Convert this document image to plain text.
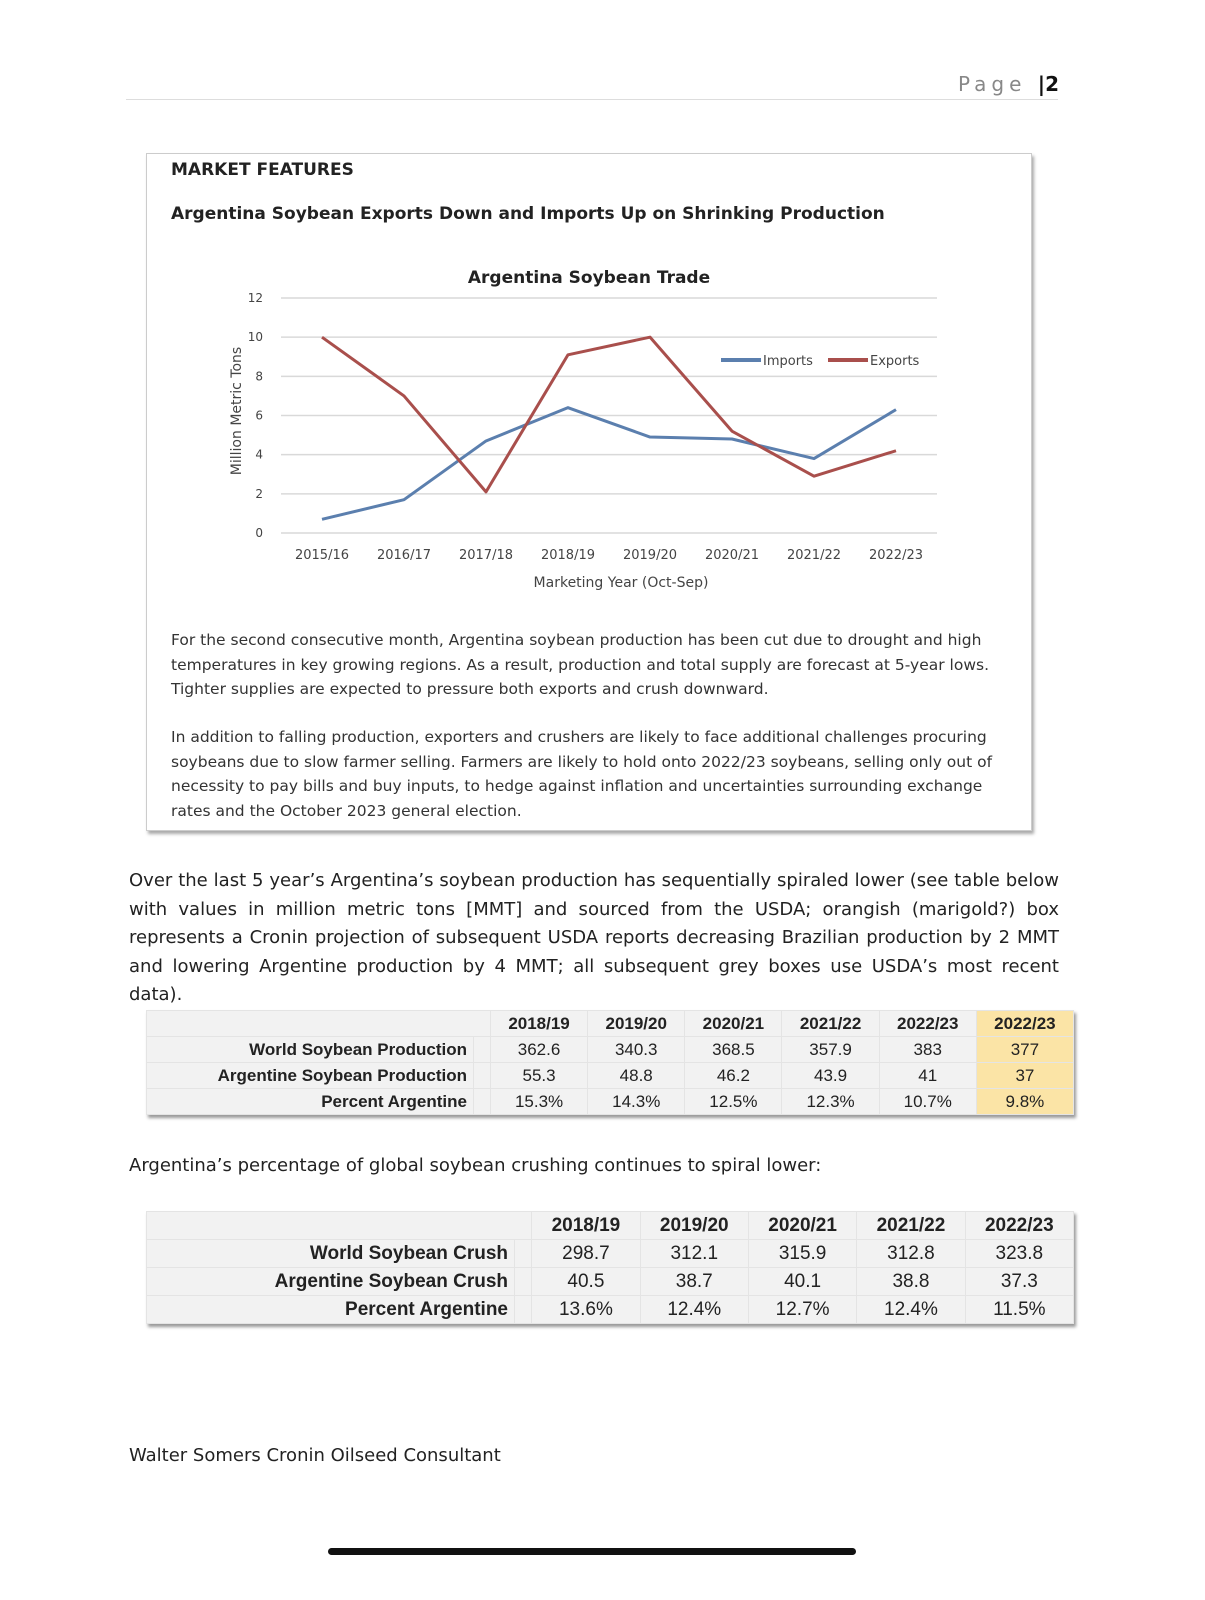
Page |2
MARKET FEATURES
Argentina Soybean Exports Down and Imports Up on Shrinking Production
Argentina Soybean Trade
0
2
4
6
8
10
12
2015/16 2016/17 2017/18 2018/19 2019/20 2020/21 2021/22 2022/23
Million Metric Tons
Marketing Year (Oct-Sep)
Imports	Exports
For the second consecutive month, Argentina soybean production has been cut due to drought and high temperatures in key growing regions. As a result, production and total supply are forecast at 5-year lows. Tighter supplies are expected to pressure both exports and crush downward.
In addition to falling production, exporters and crushers are likely to face additional challenges procuring soybeans due to slow farmer selling. Farmers are likely to hold onto 2022/23 soybeans, selling only out of necessity to pay bills and buy inputs, to hedge against inflation and uncertainties surrounding exchange rates and the October 2023 general election.
Over the last 5 year’s Argentina’s soybean production has sequentially spiraled lower (see table below with values in million metric tons [MMT] and sourced from the USDA; orangish (marigold?) box represents a Cronin projection of subsequent USDA reports decreasing Brazilian production by 2 MMT and lowering Argentine production by 4 MMT; all subsequent grey boxes use USDA’s most recent data).
		2018/19	2019/20	2020/21	2021/22	2022/23	2022/23
World Soybean Production		362.6	340.3	368.5	357.9	383	377
Argentine Soybean Production		55.3	48.8	46.2	43.9	41	37
Percent Argentine		15.3%	14.3%	12.5%	12.3%	10.7%	9.8%
Argentina’s percentage of global soybean crushing continues to spiral lower:
		2018/19	2019/20	2020/21	2021/22	2022/23
World Soybean Crush		298.7	312.1	315.9	312.8	323.8
Argentine Soybean Crush		40.5	38.7	40.1	38.8	37.3
Percent Argentine		13.6%	12.4%	12.7%	12.4%	11.5%
Walter Somers Cronin Oilseed Consultant
